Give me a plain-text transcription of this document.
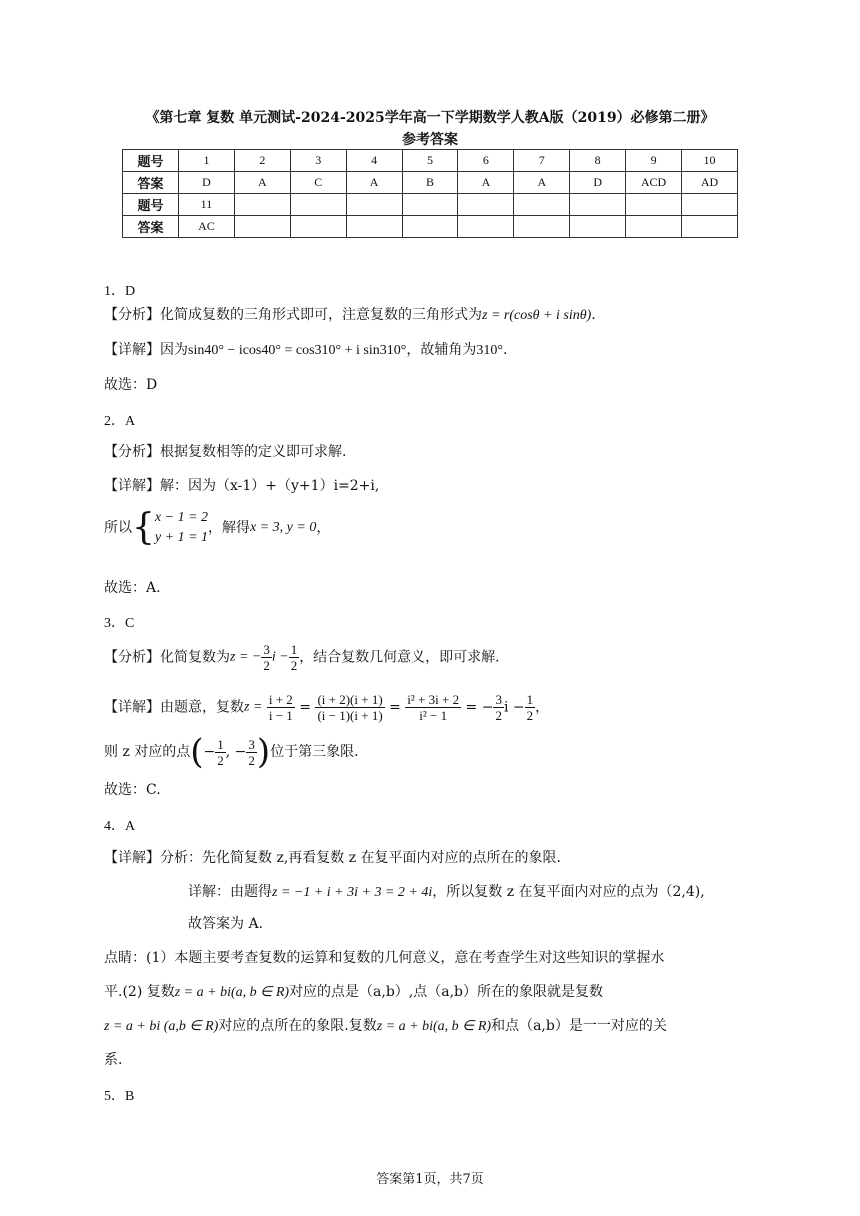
《第七章 复数 单元测试-2024-2025学年高一下学期数学人教A版（2019）必修第二册》
参考答案
题号	1	2	3	4	5	6	7	8	9	10
答案	D	A	C	A	B	A	A	D	ACD	AD
题号	11									
答案	AC									
1．D
【分析】化简成复数的三角形式即可，注意复数的三角形式为z = r(cosθ + i sinθ).
【详解】因为sin40° − icos40° = cos310° + i sin310°，故辅角为310°.
故选：D
2．A
【分析】根据复数相等的定义即可求解.
【详解】解：因为（x-1）+（y+1）i=2+i,
所以{ x − 1 = 2
y + 1 = 1
，解得x = 3, y = 0，
故选：A.
3．C
【分析】化简复数为z = − $\frac{3}{2}$ $i - \frac{1}{2}$ ，结合复数几何意义，即可求解.
【详解】由题意，复数$z = \frac{i + 2}{i - 1} = \frac{(i + 2)(i + 1)}{(i - 1)(i + 1)} = \frac{\text{i² + 3i + 2}}{\text{i² − 1}}$ = − $\frac{3}{2}$ $i - \frac{1}{2}$ ，
则 z 对应的点(− $\frac{1}{2}$ , − $\frac{3}{2}$ )位于第三象限.
故选：C.
4．A
【详解】分析：先化简复数 z,再看复数 z 在复平面内对应的点所在的象限.
详解：由题得z = −1 + i + 3i + 3 = 2 + 4i，所以复数 z 在复平面内对应的点为（2,4),
故答案为 A.
点睛：(1）本题主要考查复数的运算和复数的几何意义，意在考查学生对这些知识的掌握水
平.(2) 复数z = a + bi(a, b ∈ R)对应的点是（a,b）,点（a,b）所在的象限就是复数
z = a + bi (a,b ∈ R)对应的点所在的象限.复数z = a + bi(a, b ∈ R)和点（a,b）是一一对应的关
系.
5．B
答案第1页，共7页
